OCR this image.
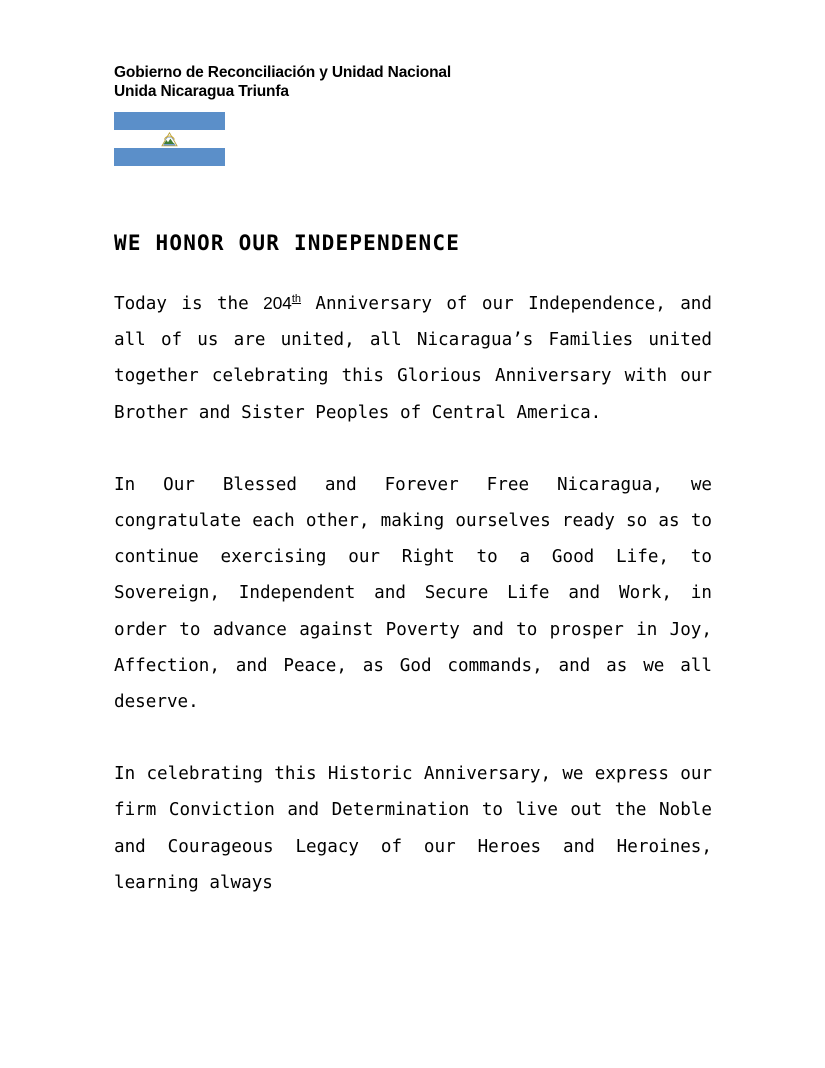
Gobierno de Reconciliación y Unidad Nacional
Unida Nicaragua Triunfa
WE HONOR OUR INDEPENDENCE

Today is the 204th Anniversary of our Independence, and all of us are united, all Nicaragua’s Families united together celebrating this Glorious Anniversary with our Brother and Sister Peoples of Central America.

In Our Blessed and Forever Free Nicaragua, we congratulate each other, making ourselves ready so as to continue exercising our Right to a Good Life, to Sovereign, Independent and Secure Life and Work, in order to advance against Poverty and to prosper in Joy, Affection, and Peace, as God commands, and as we all deserve.

In celebrating this Historic Anniversary, we express our firm Conviction and Determination to live out the Noble and Courageous Legacy of our Heroes and Heroines, learning always
